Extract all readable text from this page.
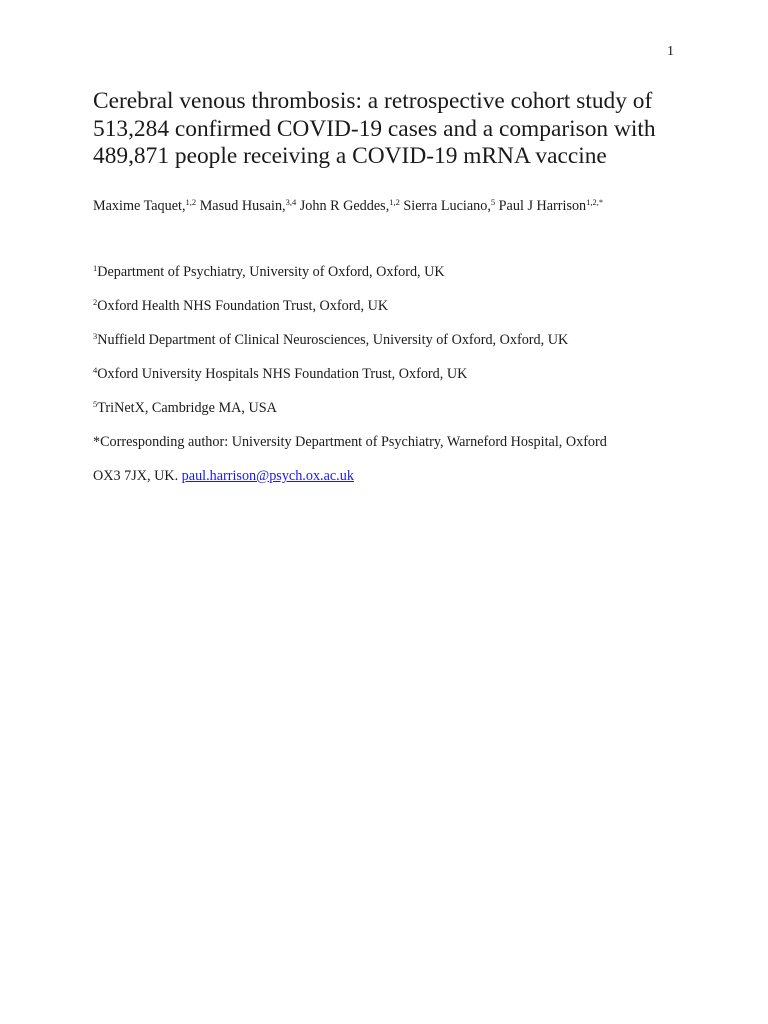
1
Cerebral venous thrombosis: a retrospective cohort study of
513,284 confirmed COVID-19 cases and a comparison with
489,871 people receiving a COVID-19 mRNA vaccine
Maxime Taquet,$^{1,2}$ Masud Husain,$^{3,4}$ John R Geddes,$^{1,2}$ Sierra Luciano,$^5$ Paul J Harrison$^{1,2,*}$

$^1$Department of Psychiatry, University of Oxford, Oxford, UK

$^2$Oxford Health NHS Foundation Trust, Oxford, UK

$^3$Nuffield Department of Clinical Neurosciences, University of Oxford, Oxford, UK

$^4$Oxford University Hospitals NHS Foundation Trust, Oxford, UK

$^5$TriNetX, Cambridge MA, USA

*Corresponding author: University Department of Psychiatry, Warneford Hospital, Oxford

OX3 7JX, UK. paul.harrison@psych.ox.ac.uk
